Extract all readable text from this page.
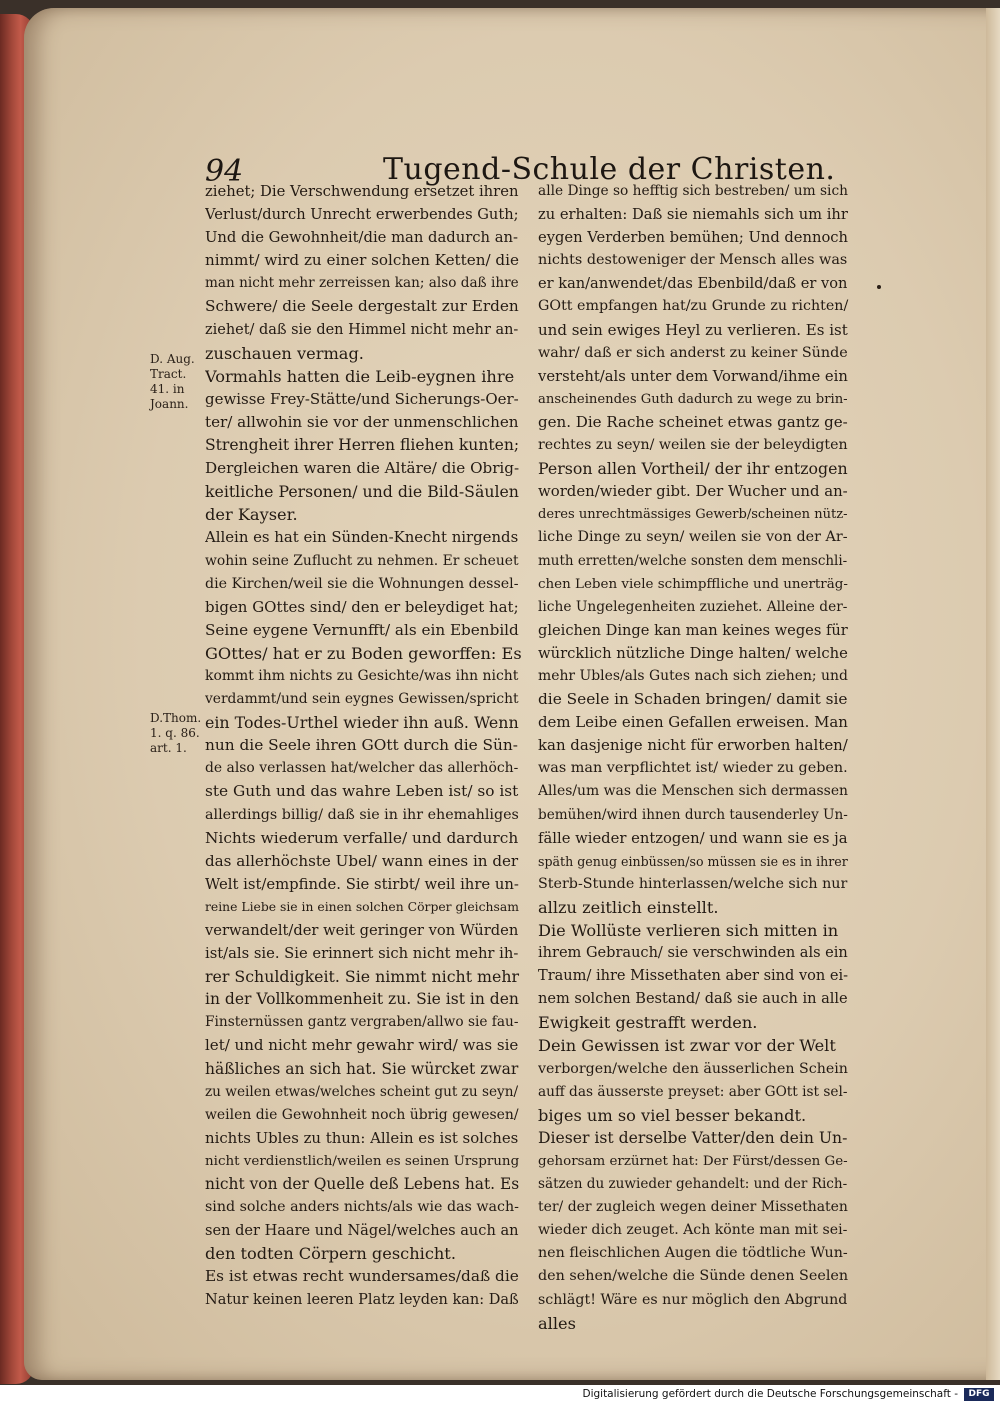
94	Tugend-Schule der Christen.
D. Aug.
Tract.
41. in
Joann.
D.Thom.
1. q. 86.
art. 1.
ziehet; Die Verschwendung ersetzet ihren
Verlust/durch Unrecht erwerbendes Guth;
Und die Gewohnheit/die man dadurch an-
nimmt/ wird zu einer solchen Ketten/ die
man nicht mehr zerreissen kan; also daß ihre
Schwere/ die Seele dergestalt zur Erden
ziehet/ daß sie den Himmel nicht mehr an-
zuschauen vermag.
Vormahls hatten die Leib-eygnen ihre
gewisse Frey-Stätte/und Sicherungs-Oer-
ter/ allwohin sie vor der unmenschlichen
Strengheit ihrer Herren fliehen kunten;
Dergleichen waren die Altäre/ die Obrig-
keitliche Personen/ und die Bild-Säulen
der Kayser.
Allein es hat ein Sünden-Knecht nirgends
wohin seine Zuflucht zu nehmen. Er scheuet
die Kirchen/weil sie die Wohnungen dessel-
bigen GOttes sind/ den er beleydiget hat;
Seine eygene Vernunfft/ als ein Ebenbild
GOttes/ hat er zu Boden geworffen: Es
kommt ihm nichts zu Gesichte/was ihn nicht
verdammt/und sein eygnes Gewissen/spricht
ein Todes-Urthel wieder ihn auß. Wenn
nun die Seele ihren GOtt durch die Sün-
de also verlassen hat/welcher das allerhöch-
ste Guth und das wahre Leben ist/ so ist
allerdings billig/ daß sie in ihr ehemahliges
Nichts wiederum verfalle/ und dardurch
das allerhöchste Ubel/ wann eines in der
Welt ist/empfinde. Sie stirbt/ weil ihre un-
reine Liebe sie in einen solchen Cörper gleichsam
verwandelt/der weit geringer von Würden
ist/als sie. Sie erinnert sich nicht mehr ih-
rer Schuldigkeit. Sie nimmt nicht mehr
in der Vollkommenheit zu. Sie ist in den
Finsternüssen gantz vergraben/allwo sie fau-
let/ und nicht mehr gewahr wird/ was sie
häßliches an sich hat. Sie würcket zwar
zu weilen etwas/welches scheint gut zu seyn/
weilen die Gewohnheit noch übrig gewesen/
nichts Ubles zu thun: Allein es ist solches
nicht verdienstlich/weilen es seinen Ursprung
nicht von der Quelle deß Lebens hat. Es
sind solche anders nichts/als wie das wach-
sen der Haare und Nägel/welches auch an
den todten Cörpern geschicht.
Es ist etwas recht wundersames/daß die
Natur keinen leeren Platz leyden kan: Daß
alle Dinge so hefftig sich bestreben/ um sich
zu erhalten: Daß sie niemahls sich um ihr
eygen Verderben bemühen; Und dennoch
nichts destoweniger der Mensch alles was
er kan/anwendet/das Ebenbild/daß er von
GOtt empfangen hat/zu Grunde zu richten/
und sein ewiges Heyl zu verlieren. Es ist
wahr/ daß er sich anderst zu keiner Sünde
versteht/als unter dem Vorwand/ihme ein
anscheinendes Guth dadurch zu wege zu brin-
gen. Die Rache scheinet etwas gantz ge-
rechtes zu seyn/ weilen sie der beleydigten
Person allen Vortheil/ der ihr entzogen
worden/wieder gibt. Der Wucher und an-
deres unrechtmässiges Gewerb/scheinen nütz-
liche Dinge zu seyn/ weilen sie von der Ar-
muth erretten/welche sonsten dem menschli-
chen Leben viele schimpffliche und unerträg-
liche Ungelegenheiten zuziehet. Alleine der-
gleichen Dinge kan man keines weges für
würcklich nützliche Dinge halten/ welche
mehr Ubles/als Gutes nach sich ziehen; und
die Seele in Schaden bringen/ damit sie
dem Leibe einen Gefallen erweisen. Man
kan dasjenige nicht für erworben halten/
was man verpflichtet ist/ wieder zu geben.
Alles/um was die Menschen sich dermassen
bemühen/wird ihnen durch tausenderley Un-
fälle wieder entzogen/ und wann sie es ja
späth genug einbüssen/so müssen sie es in ihrer
Sterb-Stunde hinterlassen/welche sich nur
allzu zeitlich einstellt.
Die Wollüste verlieren sich mitten in
ihrem Gebrauch/ sie verschwinden als ein
Traum/ ihre Missethaten aber sind von ei-
nem solchen Bestand/ daß sie auch in alle
Ewigkeit gestrafft werden.
Dein Gewissen ist zwar vor der Welt
verborgen/welche den äusserlichen Schein
auff das äusserste preyset: aber GOtt ist sel-
biges um so viel besser bekandt.
Dieser ist derselbe Vatter/den dein Un-
gehorsam erzürnet hat: Der Fürst/dessen Ge-
sätzen du zuwieder gehandelt: und der Rich-
ter/ der zugleich wegen deiner Missethaten
wieder dich zeuget. Ach könte man mit sei-
nen fleischlichen Augen die tödtliche Wun-
den sehen/welche die Sünde denen Seelen
schlägt! Wäre es nur möglich den Abgrund
alles
Digitalisierung gefördert durch die Deutsche Forschungsgemeinschaft -	DFG
